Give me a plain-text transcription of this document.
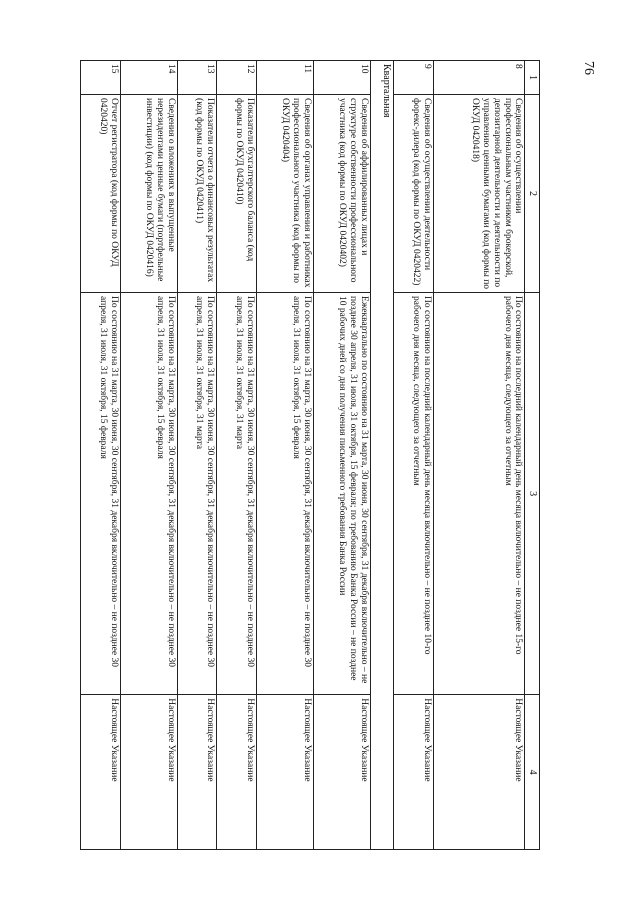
76
1	2	3	4
8	Сведения об осуществлении профессиональным участником брокерской, депозитарной деятельности и деятельности по управлению ценными бумагами (код формы по ОКУД 0420418)	По состоянию на последний календарный день месяца включительно – не позднее 15-го рабочего дня месяца, следующего за отчетным	Настоящее Указание
9	Сведения об осуществлении деятельности форекс-дилера (код формы по ОКУД 0420422)	По состоянию на последний календарный день месяца включительно – не позднее 10-го рабочего дня месяца, следующего за отчетным	Настоящее Указание
Квартальная			
10	Сведения об аффилированных лицах и структуре собственности профессионального участника (код формы по ОКУД 0420402)	Ежеквартально по состоянию на 31 марта, 30 июня, 30 сентября, 31 декабря включительно – не позднее 30 апреля, 31 июля, 31 октября, 15 февраля; по требованию Банка России – не позднее 10 рабочих дней со дня получения письменного требования Банка России	Настоящее Указание
11	Сведения об органах управления и работниках профессионального участника (код формы по ОКУД 0420404)	По состоянию на 31 марта, 30 июня, 30 сентября, 31 декабря включительно – не позднее 30 апреля, 31 июля, 31 октября, 15 февраля	Настоящее Указание
12	Показатели бухгалтерского баланса (код формы по ОКУД 0420410)	По состоянию на 31 марта, 30 июня, 30 сентября, 31 декабря включительно – не позднее 30 апреля, 31 июля, 31 октября, 31 марта	Настоящее Указание
13	Показатели отчета о финансовых результатах (код формы по ОКУД 0420411)	По состоянию на 31 марта, 30 июня, 30 сентября, 31 декабря включительно – не позднее 30 апреля, 31 июля, 31 октября, 31 марта	Настоящее Указание
14	Сведения о вложениях в выпущенные нерезидентами ценные бумаги (портфельные инвестиции) (код формы по ОКУД 0420416)	По состоянию на 31 марта, 30 июня, 30 сентября, 31 декабря включительно – не позднее 30 апреля, 31 июля, 31 октября, 15 февраля	Настоящее Указание
15	Отчет регистратора (код формы по ОКУД 0420420)	По состоянию на 31 марта, 30 июня, 30 сентября, 31 декабря включительно – не позднее 30 апреля, 31 июля, 31 октября, 15 февраля	Настоящее Указание
